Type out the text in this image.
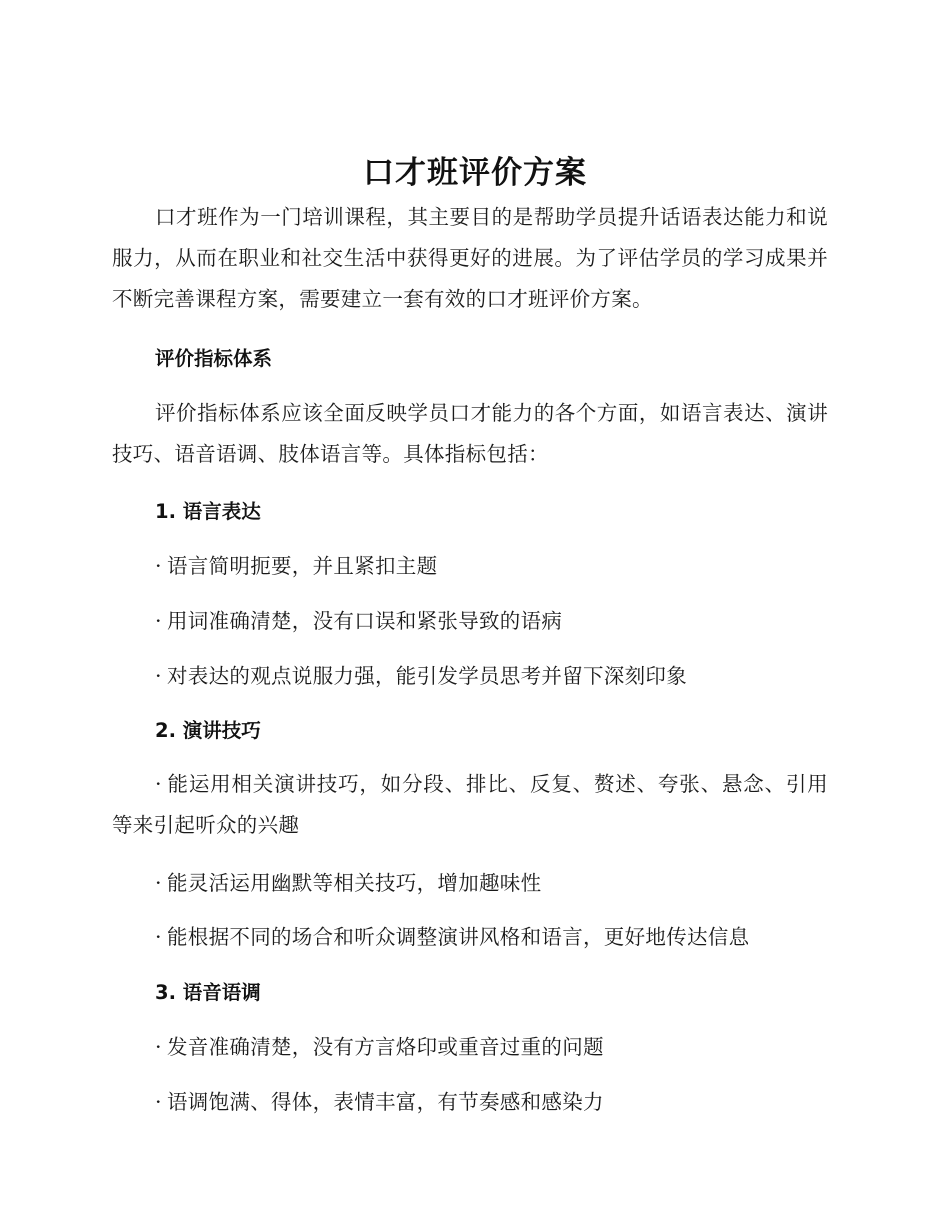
口才班评价方案

口才班作为一门培训课程，其主要目的是帮助学员提升话语表达能力和说服力，从而在职业和社交生活中获得更好的进展。为了评估学员的学习成果并不断完善课程方案，需要建立一套有效的口才班评价方案。

评价指标体系

评价指标体系应该全面反映学员口才能力的各个方面，如语言表达、演讲技巧、语音语调、肢体语言等。具体指标包括：

1. 语言表达

· 语言简明扼要，并且紧扣主题

· 用词准确清楚，没有口误和紧张导致的语病

· 对表达的观点说服力强，能引发学员思考并留下深刻印象

2. 演讲技巧

· 能运用相关演讲技巧，如分段、排比、反复、赘述、夸张、悬念、引用等来引起听众的兴趣

· 能灵活运用幽默等相关技巧，增加趣味性

· 能根据不同的场合和听众调整演讲风格和语言，更好地传达信息

3. 语音语调

· 发音准确清楚，没有方言烙印或重音过重的问题

· 语调饱满、得体，表情丰富，有节奏感和感染力
